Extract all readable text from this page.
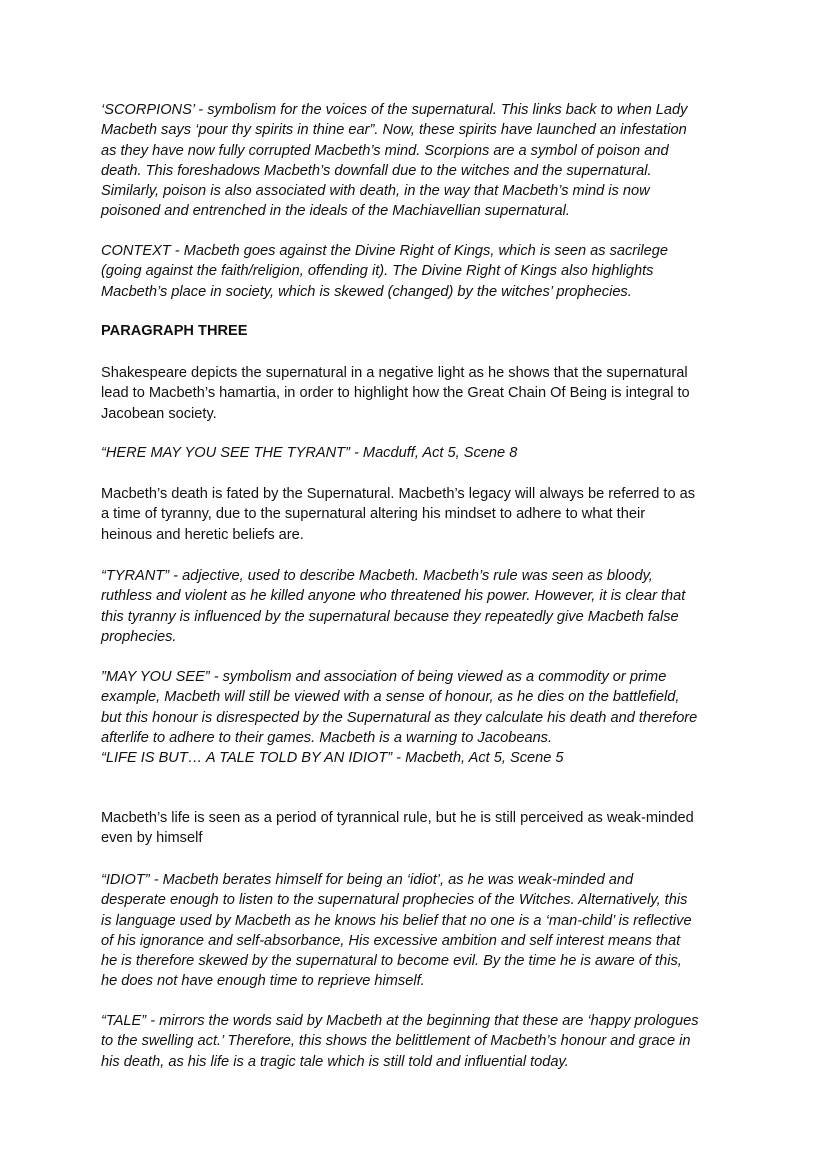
‘SCORPIONS’ - symbolism for the voices of the supernatural. This links back to when Lady
Macbeth says ‘pour thy spirits in thine ear”. Now, these spirits have launched an infestation
as they have now fully corrupted Macbeth’s mind. Scorpions are a symbol of poison and
death. This foreshadows Macbeth’s downfall due to the witches and the supernatural.
Similarly, poison is also associated with death, in the way that Macbeth’s mind is now
poisoned and entrenched in the ideals of the Machiavellian supernatural.
CONTEXT - Macbeth goes against the Divine Right of Kings, which is seen as sacrilege
(going against the faith/religion, offending it). The Divine Right of Kings also highlights
Macbeth’s place in society, which is skewed (changed) by the witches’ prophecies.
PARAGRAPH THREE
Shakespeare depicts the supernatural in a negative light as he shows that the supernatural
lead to Macbeth’s hamartia, in order to highlight how the Great Chain Of Being is integral to
Jacobean society.
“HERE MAY YOU SEE THE TYRANT” - Macduff, Act 5, Scene 8
Macbeth’s death is fated by the Supernatural. Macbeth’s legacy will always be referred to as
a time of tyranny, due to the supernatural altering his mindset to adhere to what their
heinous and heretic beliefs are.
“TYRANT” - adjective, used to describe Macbeth. Macbeth’s rule was seen as bloody,
ruthless and violent as he killed anyone who threatened his power. However, it is clear that
this tyranny is influenced by the supernatural because they repeatedly give Macbeth false
prophecies.
”MAY YOU SEE” - symbolism and association of being viewed as a commodity or prime
example, Macbeth will still be viewed with a sense of honour, as he dies on the battlefield,
but this honour is disrespected by the Supernatural as they calculate his death and therefore
afterlife to adhere to their games. Macbeth is a warning to Jacobeans.
“LIFE IS BUT… A TALE TOLD BY AN IDIOT” - Macbeth, Act 5, Scene 5
Macbeth’s life is seen as a period of tyrannical rule, but he is still perceived as weak-minded
even by himself
“IDIOT” - Macbeth berates himself for being an ‘idiot’, as he was weak-minded and
desperate enough to listen to the supernatural prophecies of the Witches. Alternatively, this
is language used by Macbeth as he knows his belief that no one is a ‘man-child’ is reflective
of his ignorance and self-absorbance, His excessive ambition and self interest means that
he is therefore skewed by the supernatural to become evil. By the time he is aware of this,
he does not have enough time to reprieve himself.
“TALE” - mirrors the words said by Macbeth at the beginning that these are ‘happy prologues
to the swelling act.’ Therefore, this shows the belittlement of Macbeth’s honour and grace in
his death, as his life is a tragic tale which is still told and influential today.
